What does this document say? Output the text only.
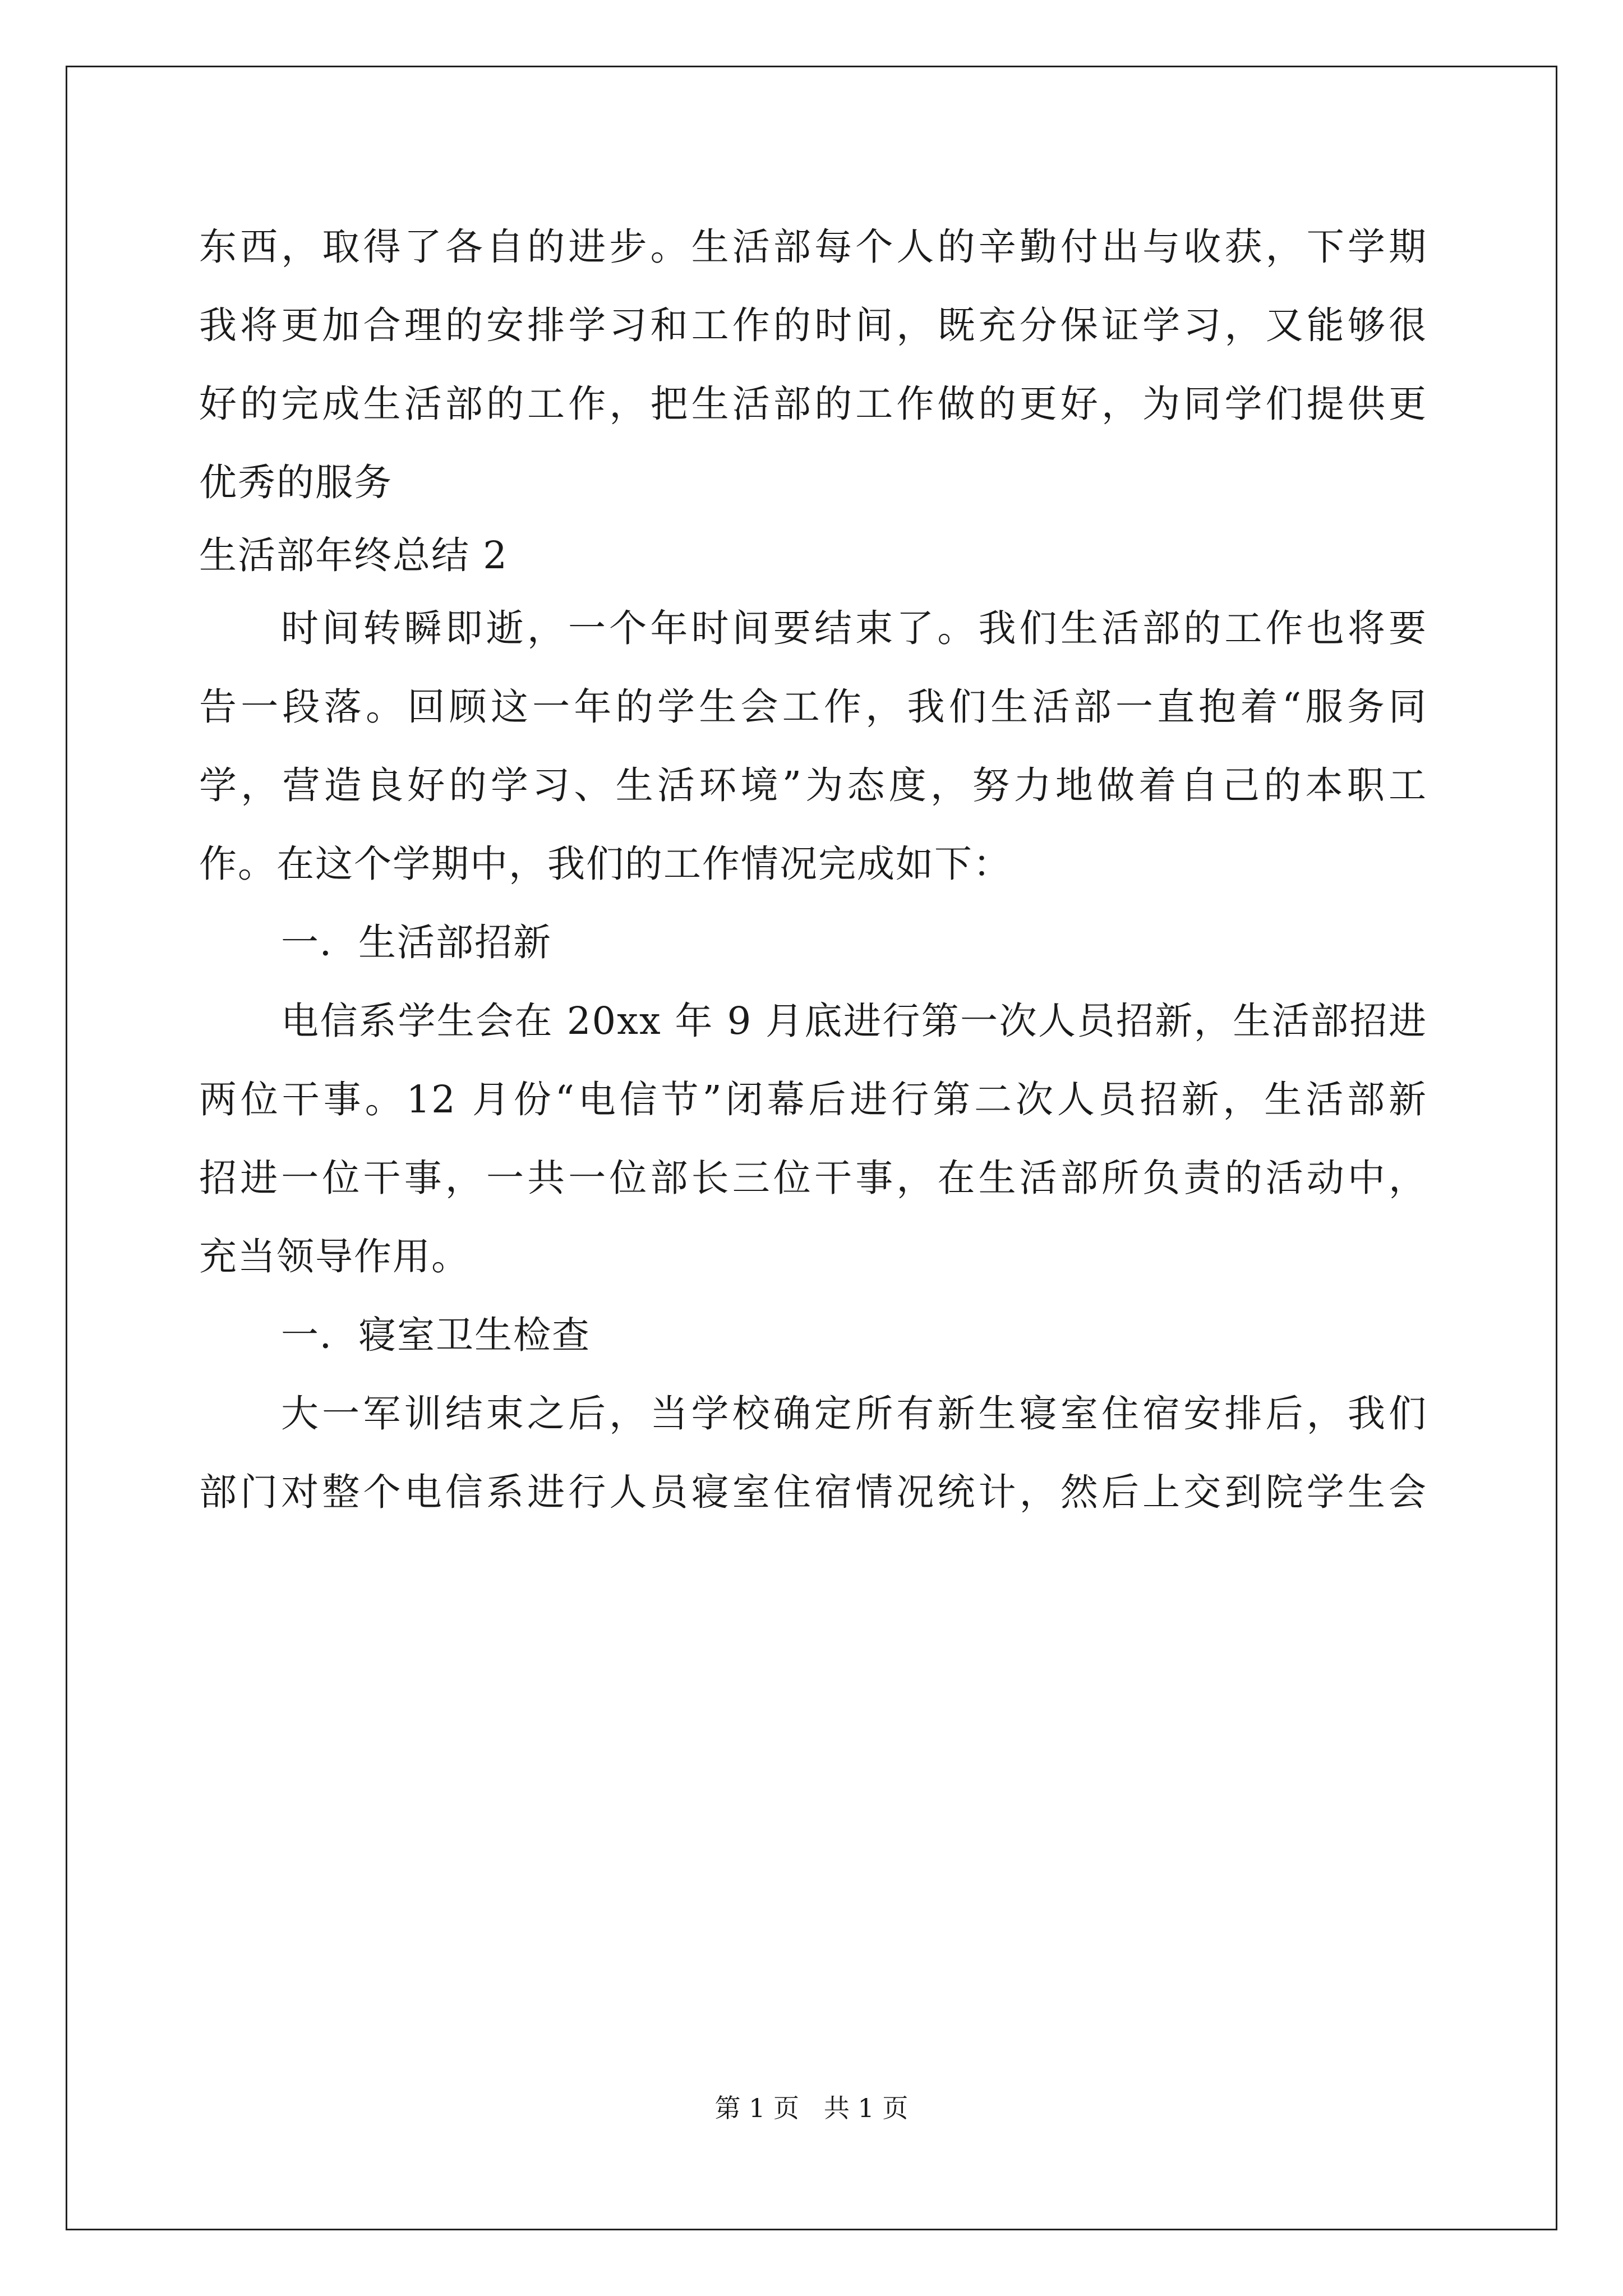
东西，取得了各自的进步。生活部每个人的辛勤付出与收获，下学期
我将更加合理的安排学习和工作的时间，既充分保证学习，又能够很
好的完成生活部的工作，把生活部的工作做的更好，为同学们提供更
优秀的服务
生活部年终总结 2
时间转瞬即逝，一个年时间要结束了。我们生活部的工作也将要
告一段落。回顾这一年的学生会工作，我们生活部一直抱着“服务同
学，营造良好的学习、生活环境”为态度，努力地做着自己的本职工
作。在这个学期中，我们的工作情况完成如下：
一．生活部招新
电信系学生会在 20xx 年 9 月底进行第一次人员招新，生活部招进
两位干事。12 月份“电信节”闭幕后进行第二次人员招新，生活部新
招进一位干事，一共一位部长三位干事，在生活部所负责的活动中，
充当领导作用。
一．寝室卫生检查
大一军训结束之后，当学校确定所有新生寝室住宿安排后，我们
部门对整个电信系进行人员寝室住宿情况统计，然后上交到院学生会
第 1 页   共 1 页
